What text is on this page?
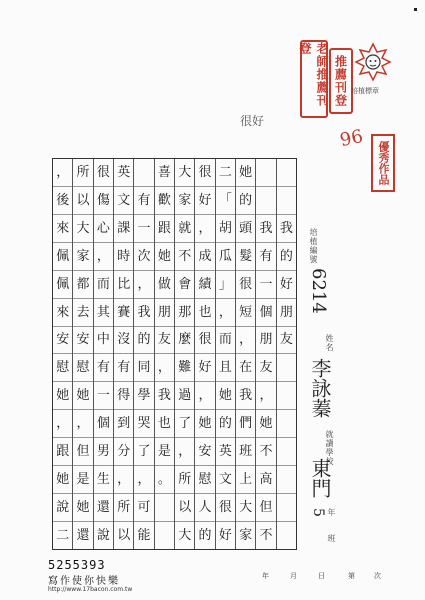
老師推薦刊登
推薦刊登 培植標章
很好
96
優秀作品
我
的
好
朋
友
我
有
一
個
朋
友
，
她
不
高
但
不
她
的
頭
髮
很
短
，
在
我
們
班
上
大
家
二
「
胡
瓜
」
，
而
且
她
的
英
文
很
好
很
好
，
成
績
也
很
好
，
她
安
慰
人
的
大
家
就
不
會
那
麼
難
過
了
，
所
以
大
喜
歡
跟
她
做
朋
友
，
我
也
是
。
有
一
次
，
我
的
同
學
哭
了
，
可
能
英
文
課
時
比
賽
沒
有
得
到
分
，
所
以
很
傷
心
，
而
其
中
有
一
個
男
生
還
說
所
以
大
家
都
去
安
慰
她
，
但
是
她
還
，
後
來
佩
佩
來
安
慰
她
，
跟
她
說
二
培植編號
6214
姓名
李詠蓁
就讀學校
東門
年
5
班
5255393
寫作使你快樂
http://www.17bacon.com.tw
年	月	日	第	次
